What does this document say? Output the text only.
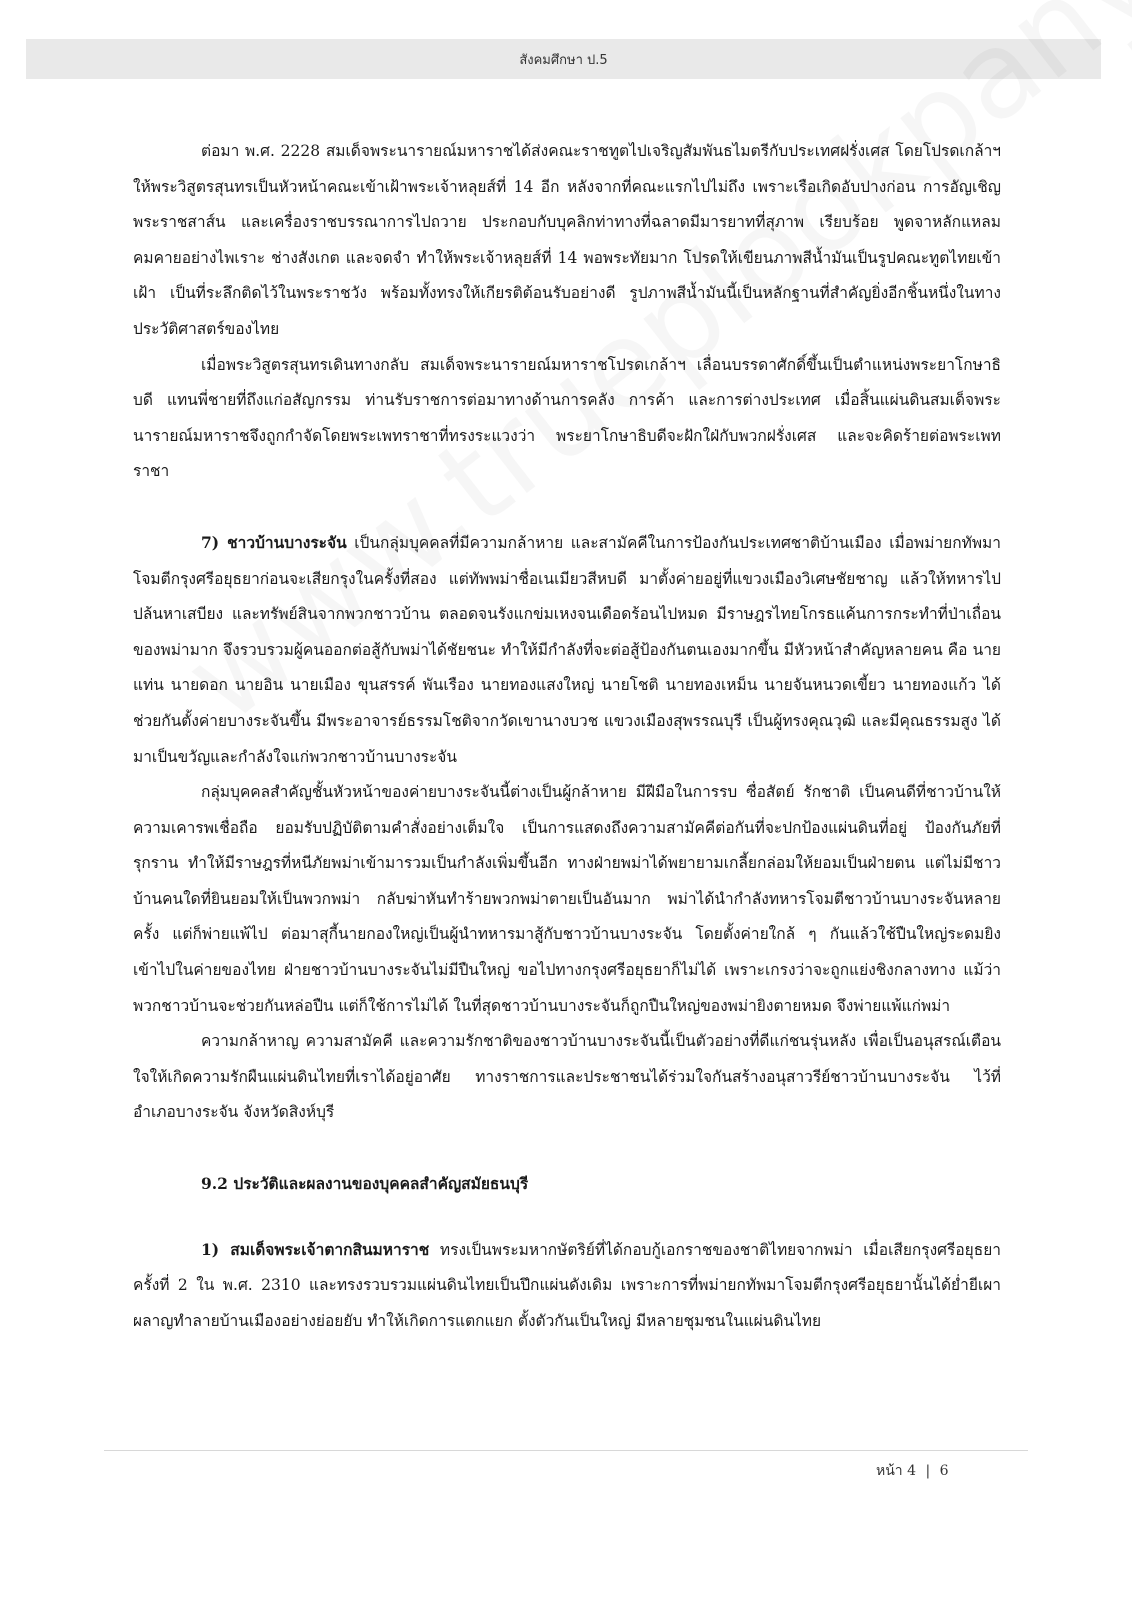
สังคมศึกษา ป.5

ต่อมา พ.ศ. 2228 สมเด็จพระนารายณ์มหาราชได้ส่งคณะราชทูตไปเจริญสัมพันธไมตรีกับประเทศฝรั่งเศส โดยโปรดเกล้าฯ ให้พระวิสูตรสุนทรเป็นหัวหน้าคณะเข้าเฝ้าพระเจ้าหลุยส์ที่ 14 อีก หลังจากที่คณะแรกไปไม่ถึง เพราะเรือเกิดอับปางก่อน การอัญเชิญพระราชสาส์น และเครื่องราชบรรณาการไปถวาย ประกอบกับบุคลิกท่าทางที่ฉลาดมีมารยาทที่สุภาพ เรียบร้อย พูดจาหลักแหลม คมคายอย่างไพเราะ ช่างสังเกต และจดจำ ทำให้พระเจ้าหลุยส์ที่ 14 พอพระทัยมาก โปรดให้เขียนภาพสีน้ำมันเป็นรูปคณะทูตไทยเข้าเฝ้า เป็นที่ระลึกติดไว้ในพระราชวัง พร้อมทั้งทรงให้เกียรติต้อนรับอย่างดี รูปภาพสีน้ำมันนี้เป็นหลักฐานที่สำคัญยิ่งอีกชิ้นหนึ่งในทางประวัติศาสตร์ของไทย

เมื่อพระวิสูตรสุนทรเดินทางกลับ สมเด็จพระนารายณ์มหาราชโปรดเกล้าฯ เลื่อนบรรดาศักดิ์ขึ้นเป็นตำแหน่งพระยาโกษาธิบดี แทนพี่ชายที่ถึงแก่อสัญกรรม ท่านรับราชการต่อมาทางด้านการคลัง การค้า และการต่างประเทศ เมื่อสิ้นแผ่นดินสมเด็จพระนารายณ์มหาราชจึงถูกกำจัดโดยพระเพทราชาที่ทรงระแวงว่า พระยาโกษาธิบดีจะฝักใฝ่กับพวกฝรั่งเศส และจะคิดร้ายต่อพระเพทราชา

7) ชาวบ้านบางระจัน เป็นกลุ่มบุคคลที่มีความกล้าหาย และสามัคคีในการป้องกันประเทศชาติบ้านเมือง เมื่อพม่ายกทัพมาโจมตีกรุงศรีอยุธยาก่อนจะเสียกรุงในครั้งที่สอง แต่ทัพพม่าชื่อเนเมียวสีหบดี มาตั้งค่ายอยู่ที่แขวงเมืองวิเศษชัยชาญ แล้วให้ทหารไปปล้นหาเสบียง และทรัพย์สินจากพวกชาวบ้าน ตลอดจนรังแกข่มเหงจนเดือดร้อนไปหมด มีราษฎรไทยโกรธแค้นการกระทำที่ป่าเถื่อนของพม่ามาก จึงรวบรวมผู้คนออกต่อสู้กับพม่าได้ชัยชนะ ทำให้มีกำลังที่จะต่อสู้ป้องกันตนเองมากขึ้น มีหัวหน้าสำคัญหลายคน คือ นายแท่น นายดอก นายอิน นายเมือง ขุนสรรค์ พันเรือง นายทองแสงใหญ่ นายโชติ นายทองเหม็น นายจันหนวดเขี้ยว นายทองแก้ว ได้ช่วยกันตั้งค่ายบางระจันขึ้น มีพระอาจารย์ธรรมโชติจากวัดเขานางบวช แขวงเมืองสุพรรณบุรี เป็นผู้ทรงคุณวุฒิ และมีคุณธรรมสูง ได้มาเป็นขวัญและกำลังใจแก่พวกชาวบ้านบางระจัน

กลุ่มบุคคลสำคัญชั้นหัวหน้าของค่ายบางระจันนี้ต่างเป็นผู้กล้าหาย มีฝีมือในการรบ ซื่อสัตย์ รักชาติ เป็นคนดีที่ชาวบ้านให้ความเคารพเชื่อถือ ยอมรับปฏิบัติตามคำสั่งอย่างเต็มใจ เป็นการแสดงถึงความสามัคคีต่อกันที่จะปกป้องแผ่นดินที่อยู่ ป้องกันภัยที่รุกราน ทำให้มีราษฎรที่หนีภัยพม่าเข้ามารวมเป็นกำลังเพิ่มขึ้นอีก ทางฝ่ายพม่าได้พยายามเกลี้ยกล่อมให้ยอมเป็นฝ่ายตน แต่ไม่มีชาวบ้านคนใดที่ยินยอมให้เป็นพวกพม่า กลับฆ่าหันทำร้ายพวกพม่าตายเป็นอันมาก พม่าได้นำกำลังทหารโจมตีชาวบ้านบางระจันหลายครั้ง แต่ก็พ่ายแพ้ไป ต่อมาสุกี้นายกองใหญ่เป็นผู้นำทหารมาสู้กับชาวบ้านบางระจัน โดยตั้งค่ายใกล้ ๆ กันแล้วใช้ปืนใหญ่ระดมยิงเข้าไปในค่ายของไทย ฝ่ายชาวบ้านบางระจันไม่มีปืนใหญ่ ขอไปทางกรุงศรีอยุธยาก็ไม่ได้ เพราะเกรงว่าจะถูกแย่งชิงกลางทาง แม้ว่าพวกชาวบ้านจะช่วยกันหล่อปืน แต่ก็ใช้การไม่ได้ ในที่สุดชาวบ้านบางระจันก็ถูกปืนใหญ่ของพม่ายิงตายหมด จึงพ่ายแพ้แก่พม่า

ความกล้าหาญ ความสามัคคี และความรักชาติของชาวบ้านบางระจันนี้เป็นตัวอย่างที่ดีแก่ชนรุ่นหลัง เพื่อเป็นอนุสรณ์เตือนใจให้เกิดความรักผืนแผ่นดินไทยที่เราได้อยู่อาศัย ทางราชการและประชาชนได้ร่วมใจกันสร้างอนุสาวรีย์ชาวบ้านบางระจัน ไว้ที่อำเภอบางระจัน จังหวัดสิงห์บุรี

9.2 ประวัติและผลงานของบุคคลสำคัญสมัยธนบุรี

1) สมเด็จพระเจ้าตากสินมหาราช ทรงเป็นพระมหากษัตริย์ที่ได้กอบกู้เอกราชของชาติไทยจากพม่า เมื่อเสียกรุงศรีอยุธยาครั้งที่ 2 ใน พ.ศ. 2310 และทรงรวบรวมแผ่นดินไทยเป็นปึกแผ่นดังเดิม เพราะการที่พม่ายกทัพมาโจมตีกรุงศรีอยุธยานั้นได้ย่ำยีเผาผลาญทำลายบ้านเมืองอย่างย่อยยับ ทำให้เกิดการแตกแยก ตั้งตัวกันเป็นใหญ่ มีหลายชุมชนในแผ่นดินไทย

หน้า 4 | 6
